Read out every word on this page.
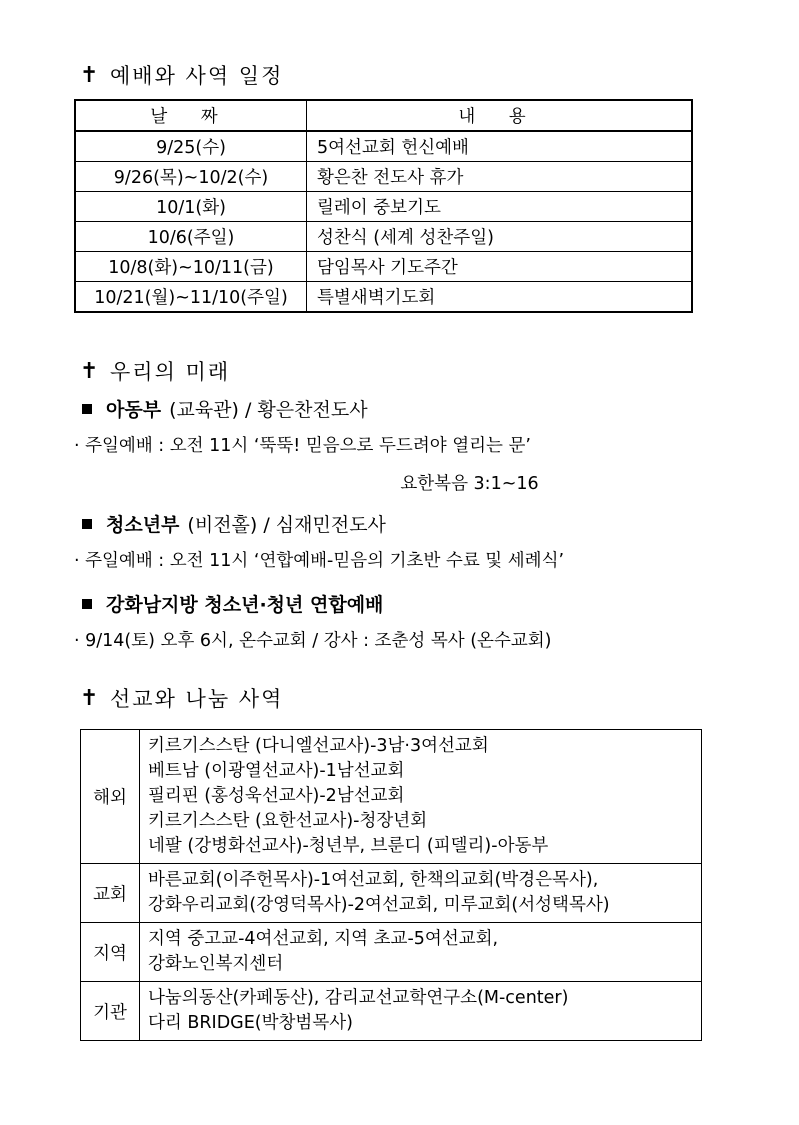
✝ 예배와 사역 일정
날 짜	내 용
9/25(수)	5여선교회 헌신예배
9/26(목)~10/2(수)	황은찬 전도사 휴가
10/1(화)	릴레이 중보기도
10/6(주일)	성찬식 (세계 성찬주일)
10/8(화)~10/11(금)	담임목사 기도주간
10/21(월)~11/10(주일)	특별새벽기도회
✝ 우리의 미래
아동부 (교육관) / 황은찬전도사
· 주일예배 : 오전 11시 ‘뚝뚝! 믿음으로 두드려야 열리는 문’
요한복음 3:1~16
청소년부 (비전홀) / 심재민전도사
· 주일예배 : 오전 11시 ‘연합예배-믿음의 기초반 수료 및 세례식’
강화남지방 청소년·청년 연합예배
· 9/14(토) 오후 6시, 온수교회 / 강사 : 조춘성 목사 (온수교회)
✝ 선교와 나눔 사역
해외	키르기스스탄 (다니엘선교사)-3남·3여선교회
베트남 (이광열선교사)-1남선교회
필리핀 (홍성욱선교사)-2남선교회
키르기스스탄 (요한선교사)-청장년회
네팔 (강병화선교사)-청년부, 브룬디 (피델리)-아동부

교회	바른교회(이주헌목사)-1여선교회, 한책의교회(박경은목사),
강화우리교회(강영덕목사)-2여선교회, 미루교회(서성택목사)

지역	지역 중고교-4여선교회, 지역 초교-5여선교회,
강화노인복지센터

기관	나눔의동산(카페동산), 감리교선교학연구소(M-center)
다리 BRIDGE(박창범목사)
